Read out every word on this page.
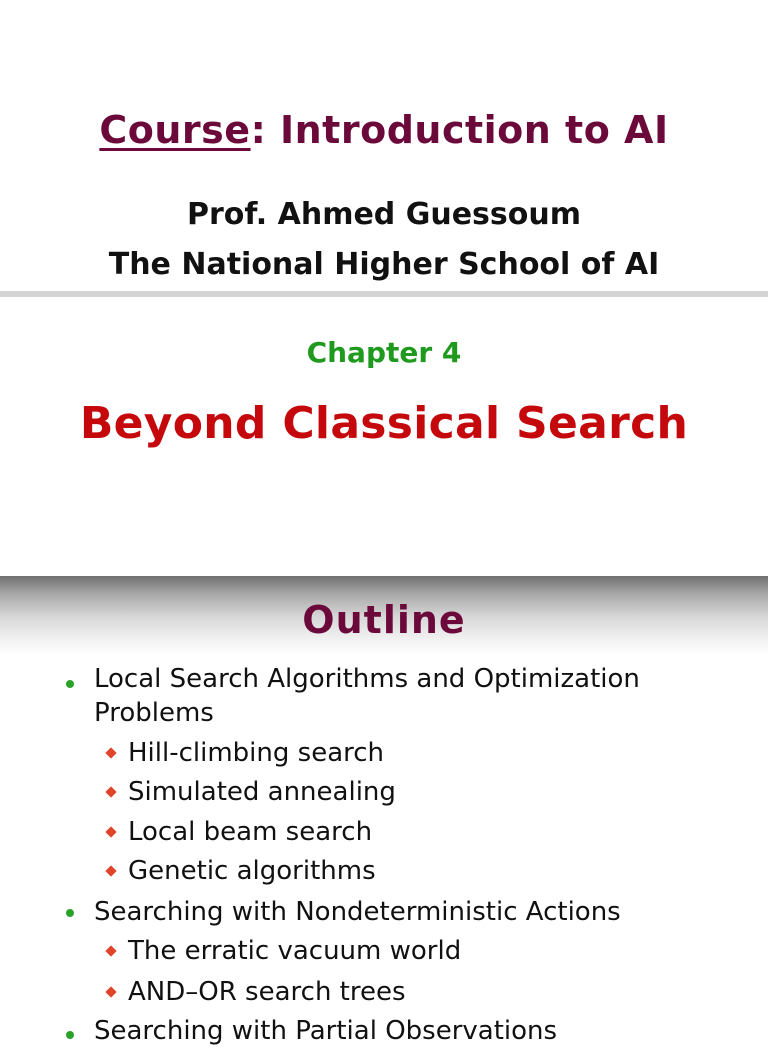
Course: Introduction to AI
Prof. Ahmed Guessoum
The National Higher School of AI
Chapter 4
Beyond Classical Search
Outline
Local Search Algorithms and Optimization Problems
Hill-climbing search
Simulated annealing
Local beam search
Genetic algorithms
Searching with Nondeterministic Actions
The erratic vacuum world
AND–OR search trees
Searching with Partial Observations
